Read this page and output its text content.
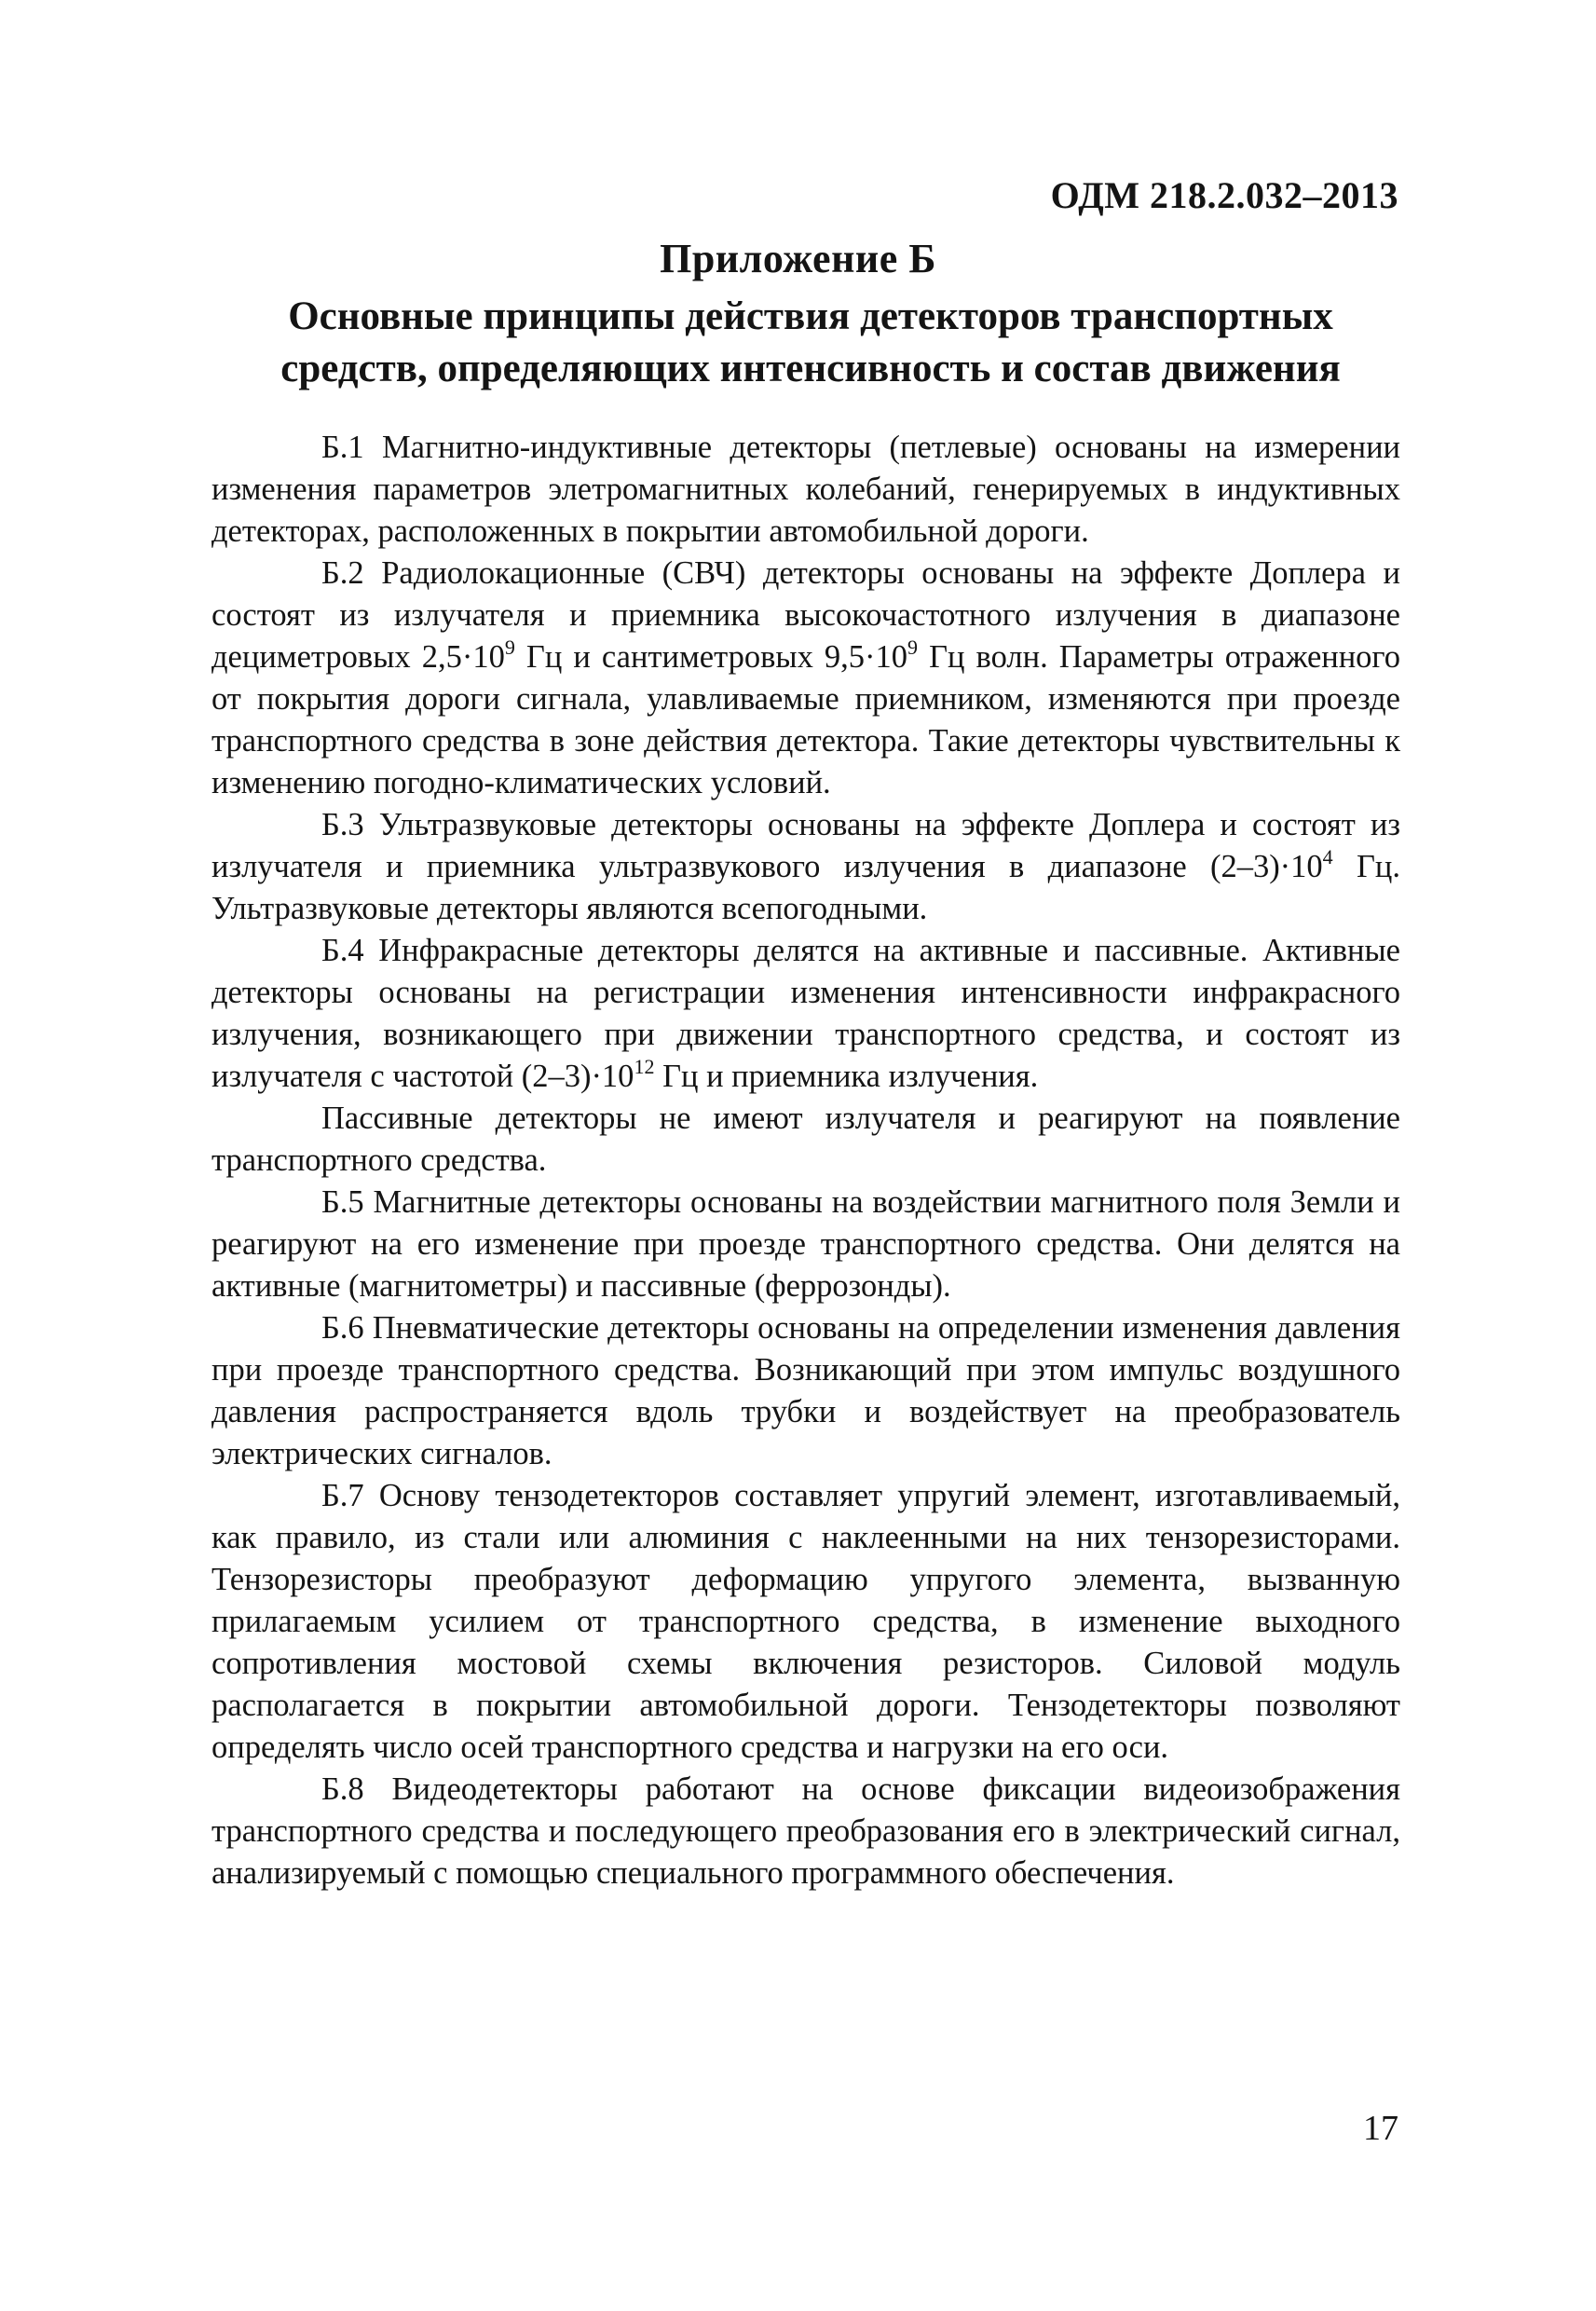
ОДМ 218.2.032–2013
Приложение Б
Основные принципы действия детекторов транспортных
средств, определяющих интенсивность и состав движения

Б.1 Магнитно-индуктивные детекторы (петлевые) основаны на измерении изменения параметров элетромагнитных колебаний, генерируемых в индуктивных детекторах, расположенных в покрытии автомобильной дороги.

Б.2 Радиолокационные (СВЧ) детекторы основаны на эффекте Доплера и состоят из излучателя и приемника высокочастотного излучения в диапазоне дециметровых $2,5\cdot 10^9$ Гц и сантиметровых $9,5\cdot 10^9$ Гц волн. Параметры отраженного от покрытия дороги сигнала, улавливаемые приемником, изменяются при проезде транспортного средства в зоне действия детектора. Такие детекторы чувствительны к изменению погодно-климатических условий.

Б.3 Ультразвуковые детекторы основаны на эффекте Доплера и состоят из излучателя и приемника ультразвукового излучения в диапазоне $(2-3)\cdot 10^4$ Гц. Ультразвуковые детекторы являются всепогодными.

Б.4 Инфракрасные детекторы делятся на активные и пассивные. Активные детекторы основаны на регистрации изменения интенсивности инфракрасного излучения, возникающего при движении транспортного средства, и состоят из излучателя с частотой $(2-3)\cdot 10^{12}$ Гц и приемника излучения.

Пассивные детекторы не имеют излучателя и реагируют на появление транспортного средства.

Б.5 Магнитные детекторы основаны на воздействии магнитного поля Земли и реагируют на его изменение при проезде транспортного средства. Они делятся на активные (магнитометры) и пассивные (феррозонды).

Б.6 Пневматические детекторы основаны на определении изменения давления при проезде транспортного средства. Возникающий при этом импульс воздушного давления распространяется вдоль трубки и воздействует на преобразователь электрических сигналов.

Б.7 Основу тензодетекторов составляет упругий элемент, изготавливаемый, как правило, из стали или алюминия с наклеенными на них тензорезисторами. Тензорезисторы преобразуют деформацию упругого элемента, вызванную прилагаемым усилием от транспортного средства, в изменение выходного сопротивления мостовой схемы включения резисторов. Силовой модуль располагается в покрытии автомобильной дороги. Тензодетекторы позволяют определять число осей транспортного средства и нагрузки на его оси.

Б.8 Видеодетекторы работают на основе фиксации видеоизображения транспортного средства и последующего преобразования его в электрический сигнал, анализируемый с помощью специального программного обеспечения.

17
